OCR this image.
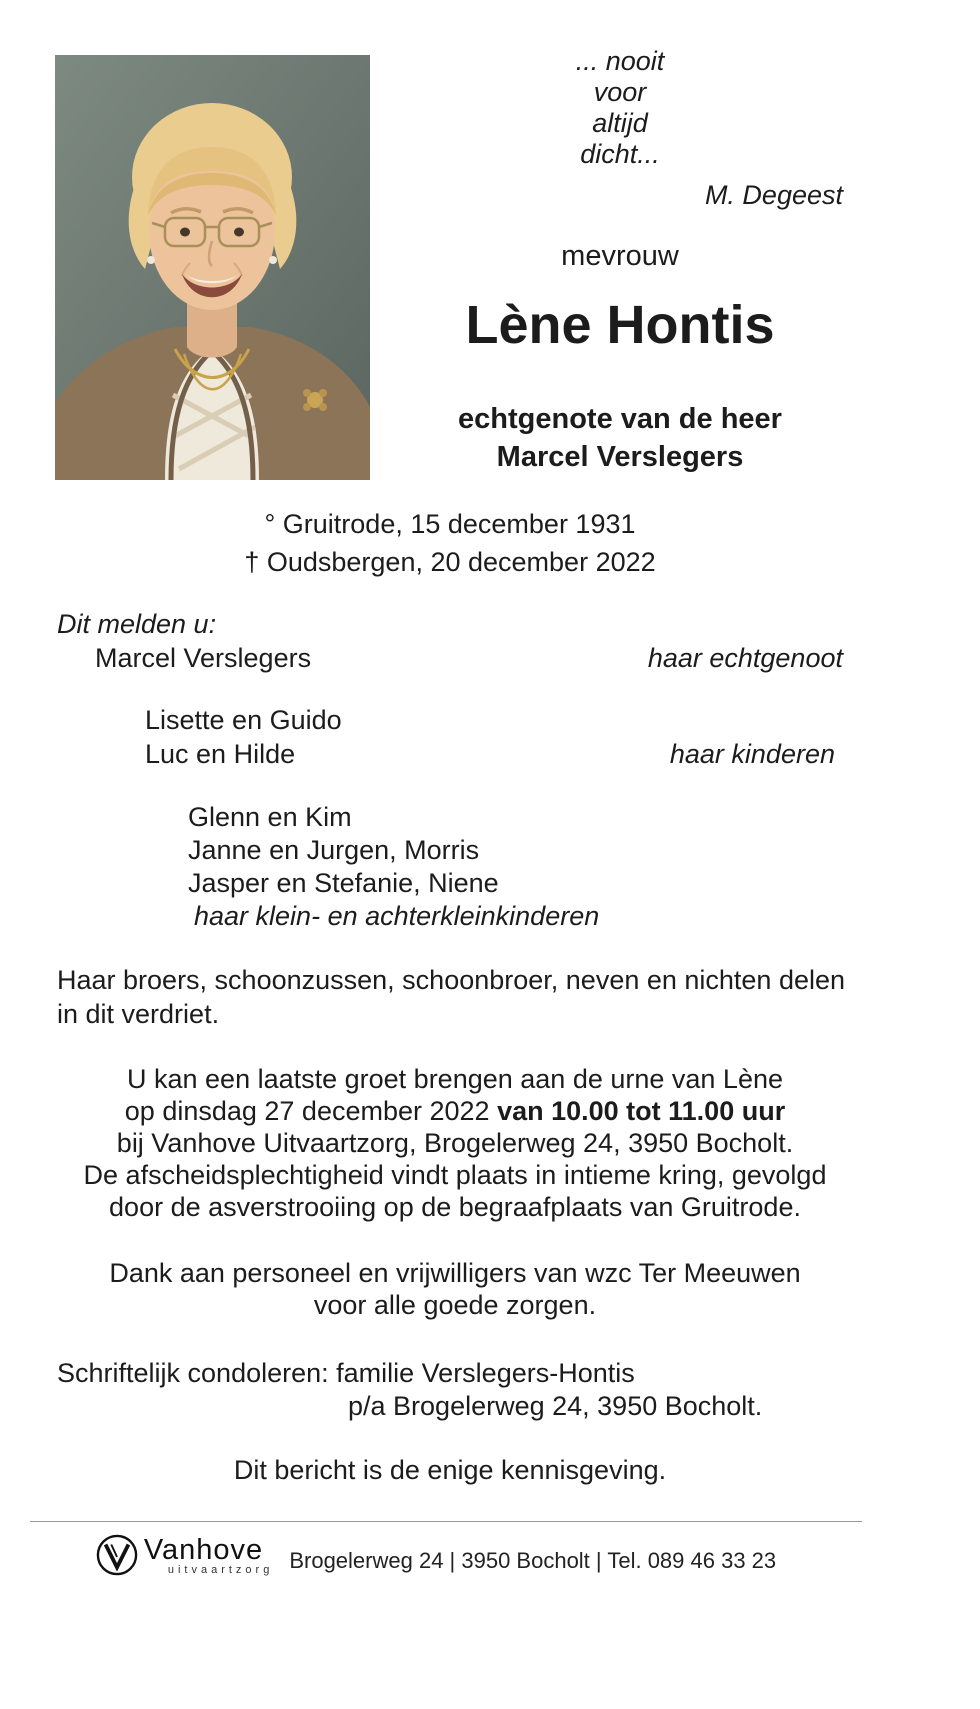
... nooit
voor
altijd
dicht...
M. Degeest
mevrouw
Lène Hontis
echtgenote van de heer
Marcel Verslegers
° Gruitrode, 15 december 1931
† Oudsbergen, 20 december 2022
Dit melden u:
Marcel Verslegers	haar echtgenoot
Lisette en Guido
Luc en Hilde	haar kinderen
Glenn en Kim
Janne en Jurgen, Morris
Jasper en Stefanie, Niene
haar klein- en achterkleinkinderen
Haar broers, schoonzussen, schoonbroer, neven en nichten delen in dit verdriet.
U kan een laatste groet brengen aan de urne van Lène
op dinsdag 27 december 2022 van 10.00 tot 11.00 uur
bij Vanhove Uitvaartzorg, Brogelerweg 24, 3950 Bocholt.
De afscheidsplechtigheid vindt plaats in intieme kring, gevolgd
door de asverstrooiing op de begraafplaats van Gruitrode.
Dank aan personeel en vrijwilligers van wzc Ter Meeuwen
voor alle goede zorgen.
Schriftelijk condoleren: familie Verslegers-Hontis
p/a Brogelerweg 24, 3950 Bocholt.
Dit bericht is de enige kennisgeving.
Vanhove
uitvaartzorg Brogelerweg 24 | 3950 Bocholt | Tel. 089 46 33 23
